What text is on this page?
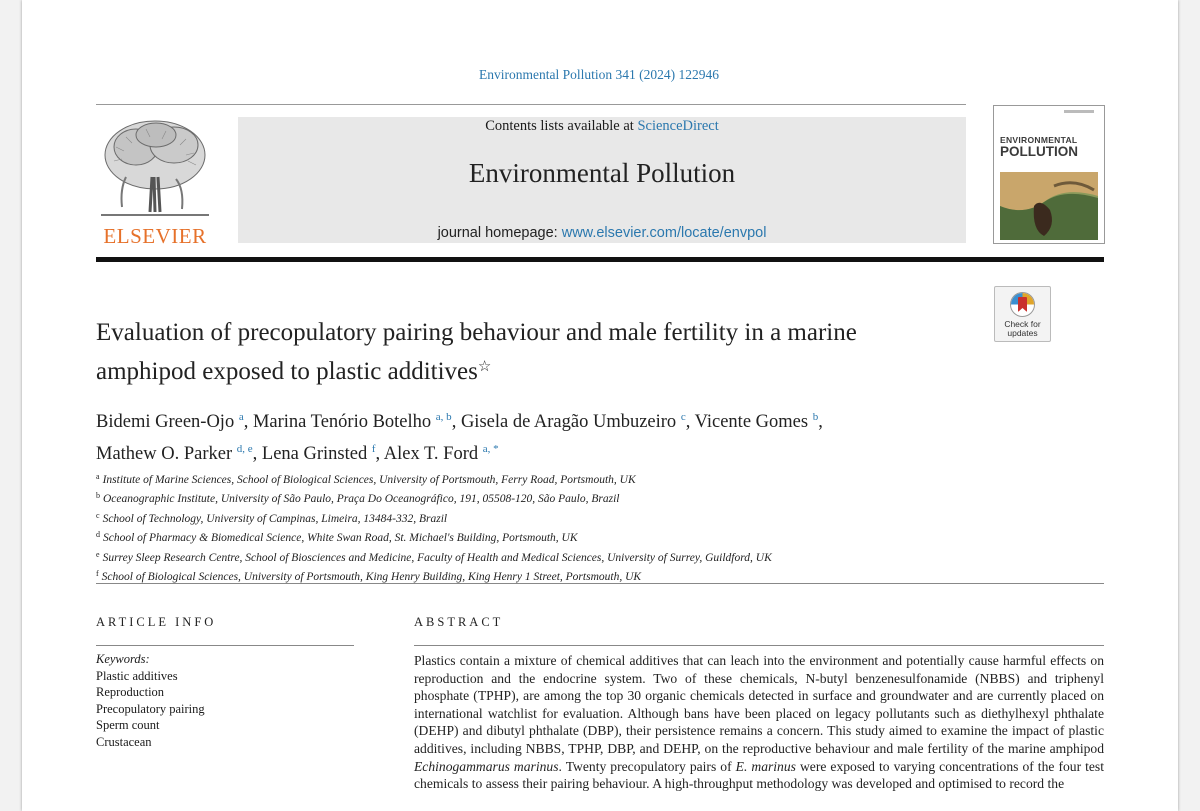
Environmental Pollution 341 (2024) 122946
ELSEVIER
Contents lists available at ScienceDirect
Environmental Pollution
journal homepage: www.elsevier.com/locate/envpol
ENVIRONMENTAL
POLLUTION
Check for updates
Evaluation of precopulatory pairing behaviour and male fertility in a marine amphipod exposed to plastic additives☆
Bidemi Green-Ojo $^a$, Marina Tenório Botelho $^{a, b}$, Gisela de Aragão Umbuzeiro $^c$, Vicente Gomes $^b$,
Mathew O. Parker $^{d, e}$, Lena Grinsted $^f$, Alex T. Ford $^{a, *}$
$^a$ Institute of Marine Sciences, School of Biological Sciences, University of Portsmouth, Ferry Road, Portsmouth, UK
$^b$ Oceanographic Institute, University of São Paulo, Praça Do Oceanográfico, 191, 05508-120, São Paulo, Brazil
$^c$ School of Technology, University of Campinas, Limeira, 13484-332, Brazil
$^d$ School of Pharmacy & Biomedical Science, White Swan Road, St. Michael's Building, Portsmouth, UK
$^e$ Surrey Sleep Research Centre, School of Biosciences and Medicine, Faculty of Health and Medical Sciences, University of Surrey, Guildford, UK
$^f$ School of Biological Sciences, University of Portsmouth, King Henry Building, King Henry 1 Street, Portsmouth, UK
ARTICLE INFO	ABSTRACT
Keywords:
Plastic additives
Reproduction
Precopulatory pairing
Sperm count
Crustacean
Plastics contain a mixture of chemical additives that can leach into the environment and potentially cause harmful effects on reproduction and the endocrine system. Two of these chemicals, N-butyl benzenesulfonamide (NBBS) and triphenyl phosphate (TPHP), are among the top 30 organic chemicals detected in surface and groundwater and are currently placed on international watchlist for evaluation. Although bans have been placed on legacy pollutants such as diethylhexyl phthalate (DEHP) and dibutyl phthalate (DBP), their persistence remains a concern. This study aimed to examine the impact of plastic additives, including NBBS, TPHP, DBP, and DEHP, on the reproductive behaviour and male fertility of the marine amphipod Echinogammarus marinus. Twenty precopulatory pairs of E. marinus were exposed to varying concentrations of the four test chemicals to assess their pairing behaviour. A high-throughput methodology was developed and optimised to record the
